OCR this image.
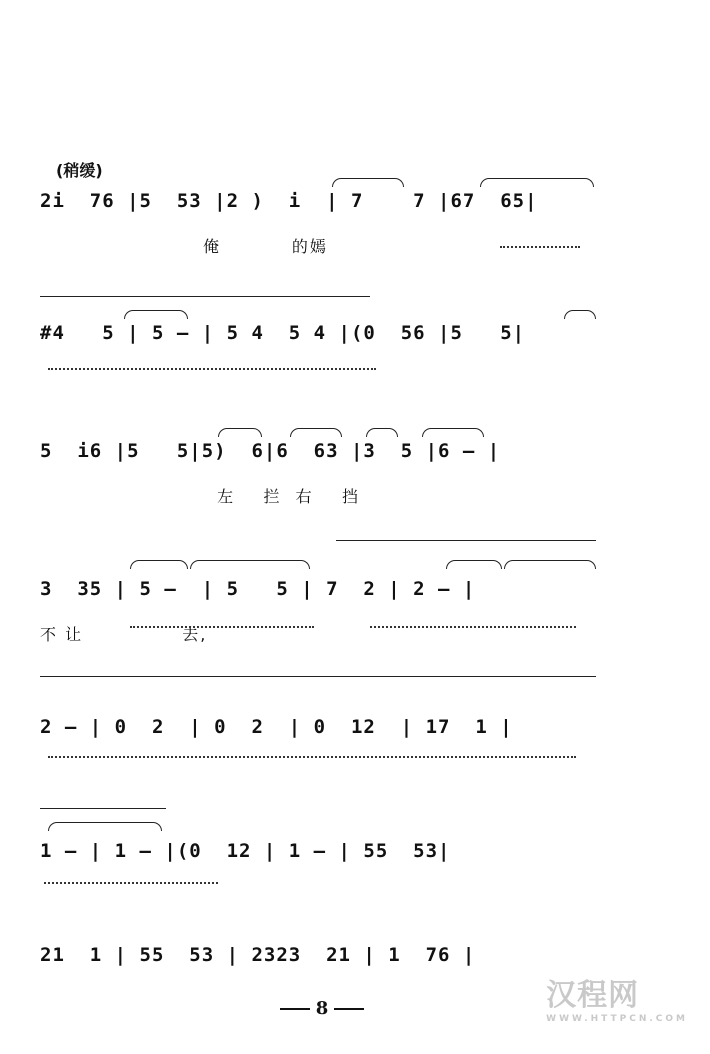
(稍缓)
2i  76 |5  53 |2 )  i  | 7    7 |67  65|
俺          的嫣
#4   5 | 5 — | 5 4  5 4 |(0  56 |5   5|
5  i6 |5   5|5)  6|6  63 |3  5 |6 — |
左    拦  右    挡
3  35 | 5 —  | 5   5 | 7  2 | 2 — |
不 让              去,
2 — | 0  2  | 0  2  | 0  12  | 17  1 |
1 — | 1 — |(0  12 | 1 — | 55  53|
21  1 | 55  53 | 2323  21 | 1  76 |
8	汉程网
WWW.HTTPCN.COM
